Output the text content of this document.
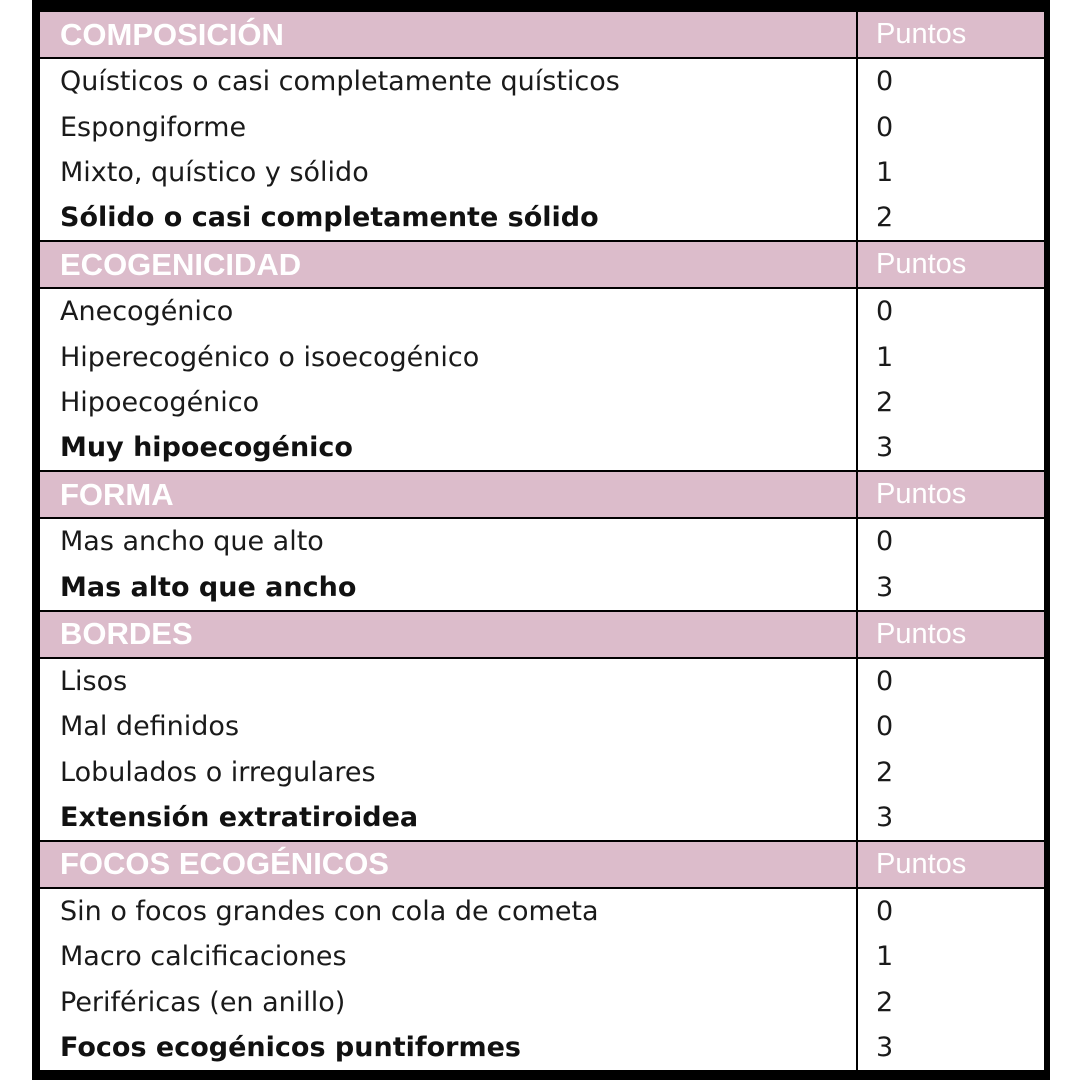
COMPOSICIÓN	Puntos
Quísticos o casi completamente quísticos	0
Espongiforme	0
Mixto, quístico y sólido	1
Sólido o casi completamente sólido	2
ECOGENICIDAD	Puntos
Anecogénico	0
Hiperecogénico o isoecogénico	1
Hipoecogénico	2
Muy hipoecogénico	3
FORMA	Puntos
Mas ancho que alto	0
Mas alto que ancho	3
BORDES	Puntos
Lisos	0
Mal definidos	0
Lobulados o irregulares	2
Extensión extratiroidea	3
FOCOS ECOGÉNICOS	Puntos
Sin o focos grandes con cola de cometa	0
Macro calcificaciones	1
Periféricas (en anillo)	2
Focos ecogénicos puntiformes	3
